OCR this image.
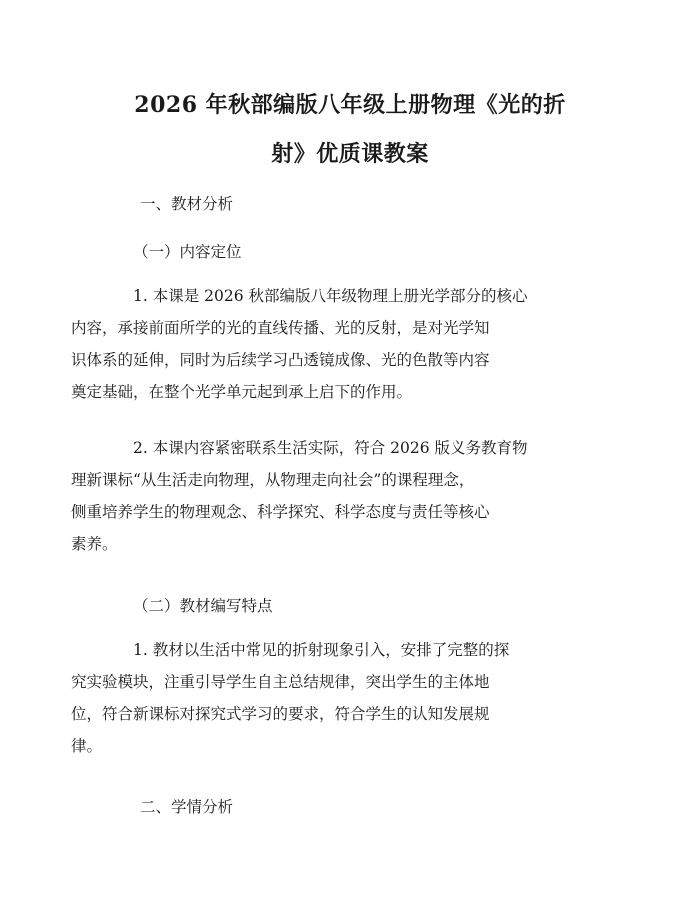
2026 年秋部编版八年级上册物理《光的折
射》优质课教案
一、教材分析
（一）内容定位
1. 本课是 2026 秋部编版八年级物理上册光学部分的核心
内容，承接前面所学的光的直线传播、光的反射，是对光学知
识体系的延伸，同时为后续学习凸透镜成像、光的色散等内容
奠定基础，在整个光学单元起到承上启下的作用。
2. 本课内容紧密联系生活实际，符合 2026 版义务教育物
理新课标“从生活走向物理，从物理走向社会”的课程理念，
侧重培养学生的物理观念、科学探究、科学态度与责任等核心
素养。
（二）教材编写特点
1. 教材以生活中常见的折射现象引入，安排了完整的探
究实验模块，注重引导学生自主总结规律，突出学生的主体地
位，符合新课标对探究式学习的要求，符合学生的认知发展规
律。
二、学情分析
